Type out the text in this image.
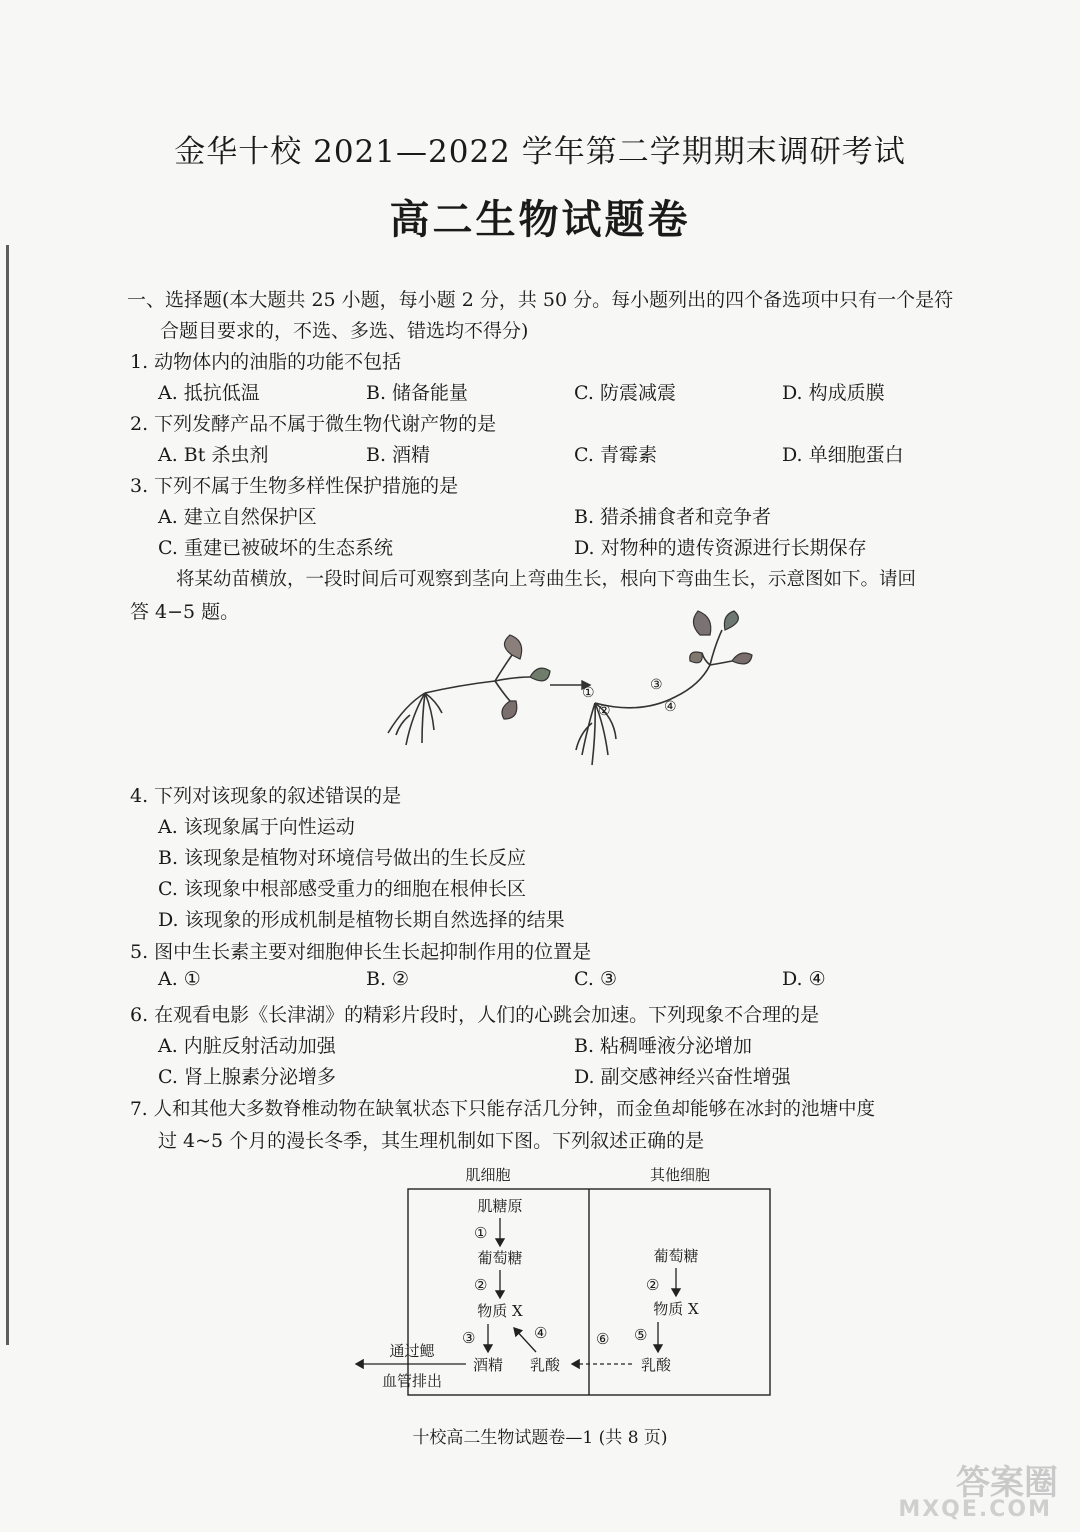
金华十校 2021—2022 学年第二学期期末调研考试
高二生物试题卷
一、选择题(本大题共 25 小题，每小题 2 分，共 50 分。每小题列出的四个备选项中只有一个是符
合题目要求的，不选、多选、错选均不得分)
1. 动物体内的油脂的功能不包括
A. 抵抗低温	B. 储备能量	C. 防震减震	D. 构成质膜
2. 下列发酵产品不属于微生物代谢产物的是
A. Bt 杀虫剂	B. 酒精	C. 青霉素	D. 单细胞蛋白
3. 下列不属于生物多样性保护措施的是
A. 建立自然保护区	B. 猎杀捕食者和竞争者
C. 重建已被破坏的生态系统	D. 对物种的遗传资源进行长期保存
将某幼苗横放，一段时间后可观察到茎向上弯曲生长，根向下弯曲生长，示意图如下。请回
答 4−5 题。
①
②
③
④
4. 下列对该现象的叙述错误的是
A. 该现象属于向性运动
B. 该现象是植物对环境信号做出的生长反应
C. 该现象中根部感受重力的细胞在根伸长区
D. 该现象的形成机制是植物长期自然选择的结果
5. 图中生长素主要对细胞伸长生长起抑制作用的位置是
A. ①	B. ②	C. ③	D. ④
6. 在观看电影《长津湖》的精彩片段时，人们的心跳会加速。下列现象不合理的是
A. 内脏反射活动加强	B. 粘稠唾液分泌增加
C. 肾上腺素分泌增多	D. 副交感神经兴奋性增强
7. 人和其他大多数脊椎动物在缺氧状态下只能存活几分钟，而金鱼却能够在冰封的池塘中度
过 4~5 个月的漫长冬季，其生理机制如下图。下列叙述正确的是
肌细胞	其他细胞
肌糖原
①
葡萄糖
②
物质 X
③	④
酒精 乳酸
通过鳃
血管排出
葡萄糖
②
物质 X
⑤
乳酸
⑥
十校高二生物试题卷—1 (共 8 页)
答案圈
MXQE.COM
